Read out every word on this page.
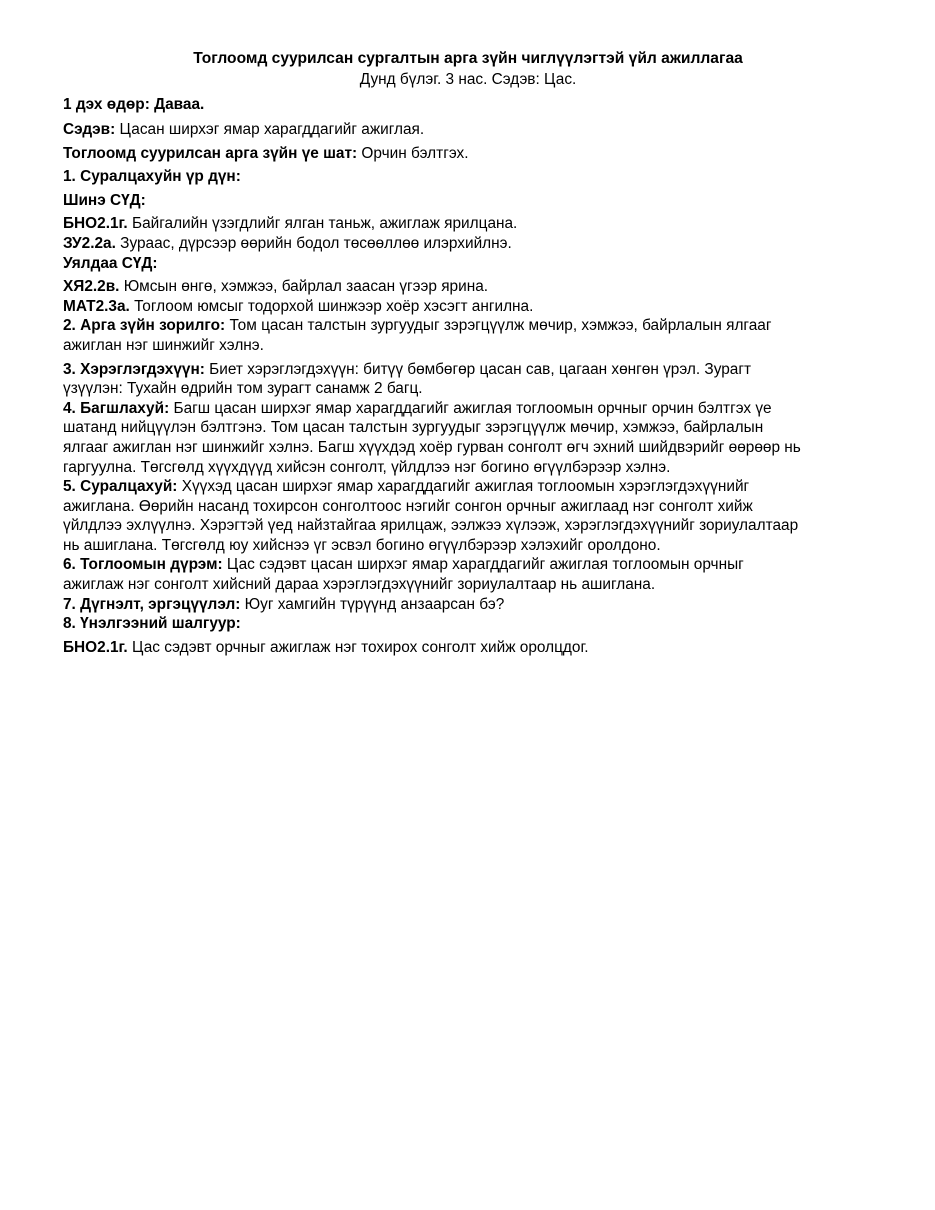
Тоглоомд суурилсан сургалтын арга зүйн чиглүүлэгтэй үйл ажиллагаа
Дунд бүлэг. 3 нас. Сэдэв: Цас.
1 дэх өдөр: Даваа.
Сэдэв: Цасан ширхэг ямар харагддагийг ажиглая.
Тоглоомд суурилсан арга зүйн үе шат: Орчин бэлтгэх.
1. Суралцахуйн үр дүн:
Шинэ СҮД:
БНО2.1г. Байгалийн үзэгдлийг ялган таньж, ажиглаж ярилцана.
ЗУ2.2а. Зураас, дүрсээр өөрийн бодол төсөөллөө илэрхийлнэ.
Уялдаа СҮД:
ХЯ2.2в. Юмсын өнгө, хэмжээ, байрлал заасан үгээр ярина.
МАТ2.3а. Тоглоом юмсыг тодорхой шинжээр хоёр хэсэгт ангилна.
2. Арга зүйн зорилго: Том цасан талстын зургуудыг зэрэгцүүлж мөчир, хэмжээ, байрлалын ялгааг
ажиглан нэг шинжийг хэлнэ.
3. Хэрэглэгдэхүүн: Биет хэрэглэгдэхүүн: битүү бөмбөгөр цасан сав, цагаан хөнгөн үрэл. Зурагт
үзүүлэн: Тухайн өдрийн том зурагт санамж 2 багц.
4. Багшлахуй: Багш цасан ширхэг ямар харагддагийг ажиглая тоглоомын орчныг орчин бэлтгэх үе
шатанд нийцүүлэн бэлтгэнэ. Том цасан талстын зургуудыг зэрэгцүүлж мөчир, хэмжээ, байрлалын
ялгааг ажиглан нэг шинжийг хэлнэ. Багш хүүхдэд хоёр гурван сонголт өгч эхний шийдвэрийг өөрөөр нь
гаргуулна. Төгсгөлд хүүхдүүд хийсэн сонголт, үйлдлээ нэг богино өгүүлбэрээр хэлнэ.
5. Суралцахуй: Хүүхэд цасан ширхэг ямар харагддагийг ажиглая тоглоомын хэрэглэгдэхүүнийг
ажиглана. Өөрийн насанд тохирсон сонголтоос нэгийг сонгон орчныг ажиглаад нэг сонголт хийж
үйлдлээ эхлүүлнэ. Хэрэгтэй үед найзтайгаа ярилцаж, ээлжээ хүлээж, хэрэглэгдэхүүнийг зориулалтаар
нь ашиглана. Төгсгөлд юу хийснээ үг эсвэл богино өгүүлбэрээр хэлэхийг оролдоно.
6. Тоглоомын дүрэм: Цас сэдэвт цасан ширхэг ямар харагддагийг ажиглая тоглоомын орчныг
ажиглаж нэг сонголт хийсний дараа хэрэглэгдэхүүнийг зориулалтаар нь ашиглана.
7. Дүгнэлт, эргэцүүлэл: Юуг хамгийн түрүүнд анзаарсан бэ?
8. Үнэлгээний шалгуур:
БНО2.1г. Цас сэдэвт орчныг ажиглаж нэг тохирох сонголт хийж оролцдог.
